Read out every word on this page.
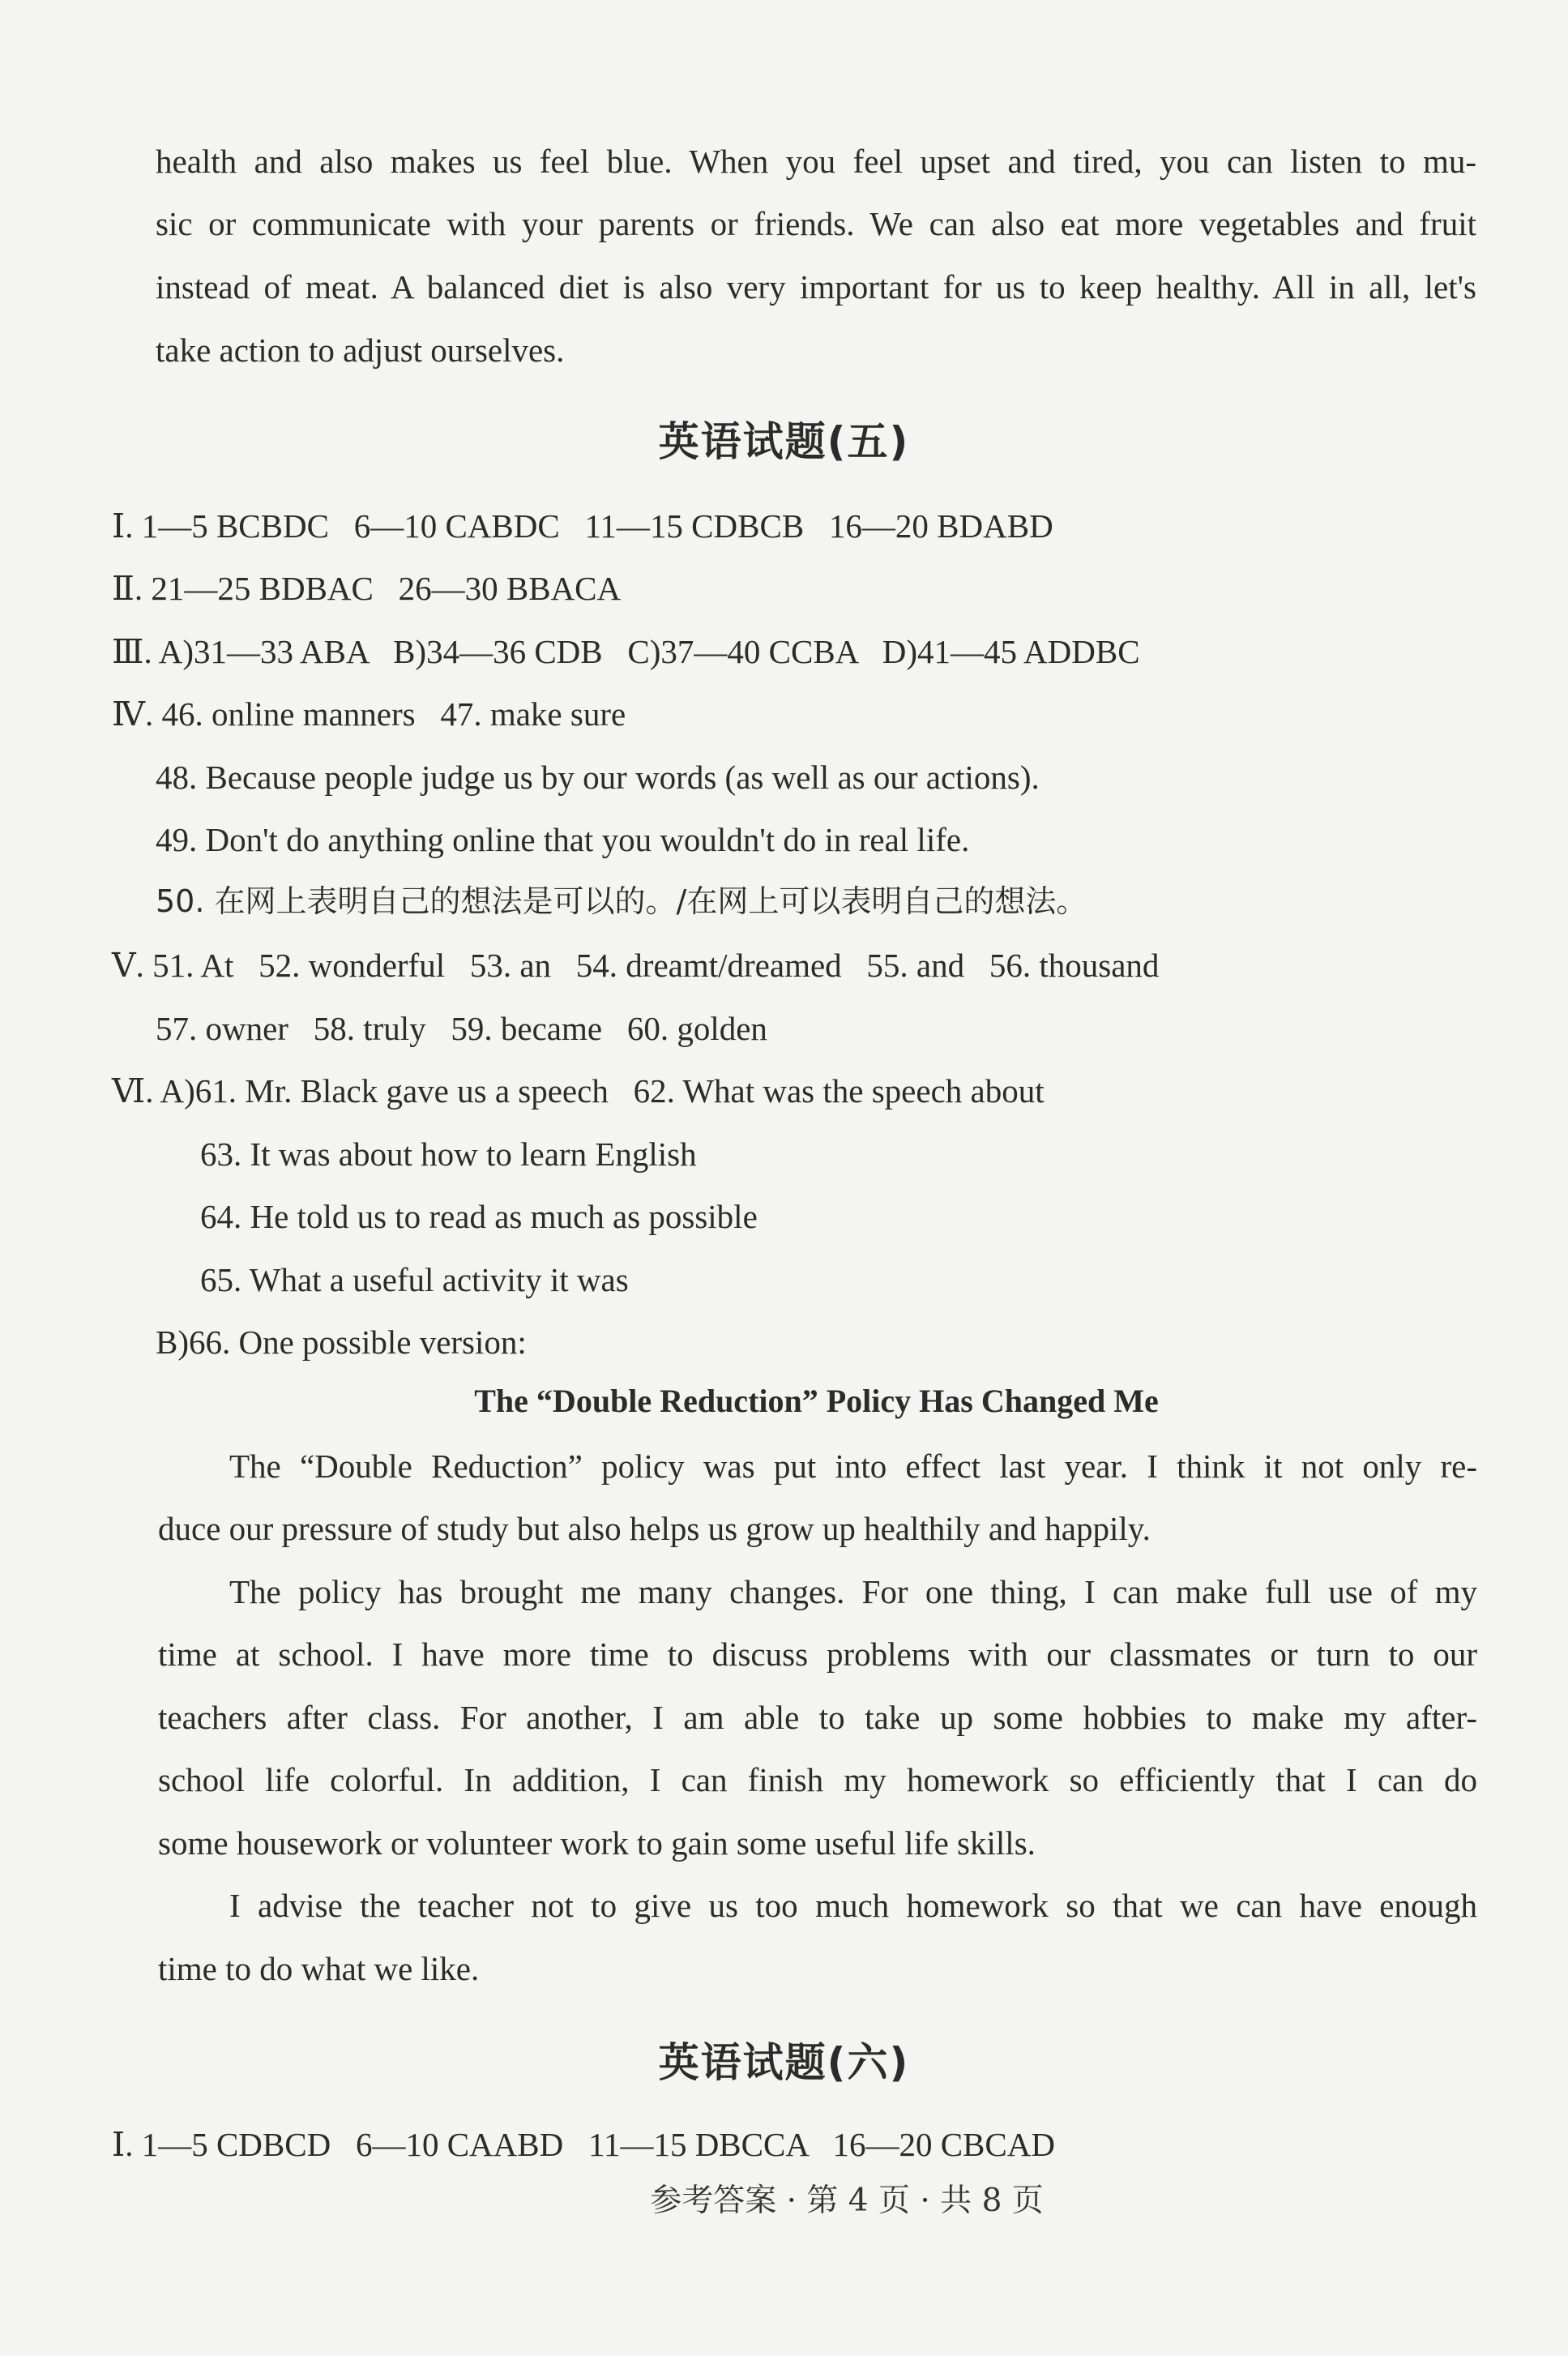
health and also makes us feel blue. When you feel upset and tired, you can listen to mu-
sic or communicate with your parents or friends. We can also eat more vegetables and fruit
instead of meat. A balanced diet is also very important for us to keep healthy. All in all, let's
take action to adjust ourselves.
英语试题(五)
Ⅰ. 1—5 BCBDC   6—10 CABDC   11—15 CDBCB   16—20 BDABD
Ⅱ. 21—25 BDBAC   26—30 BBACA
Ⅲ. A)31—33 ABA   B)34—36 CDB   C)37—40 CCBA   D)41—45 ADDBC
Ⅳ. 46. online manners   47. make sure
48. Because people judge us by our words (as well as our actions).
49. Don't do anything online that you wouldn't do in real life.
50. 在网上表明自己的想法是可以的。/在网上可以表明自己的想法。
Ⅴ. 51. At   52. wonderful   53. an   54. dreamt/dreamed   55. and   56. thousand
57. owner   58. truly   59. became   60. golden
Ⅵ. A)61. Mr. Black gave us a speech   62. What was the speech about
63. It was about how to learn English
64. He told us to read as much as possible
65. What a useful activity it was
B)66. One possible version:
The “Double Reduction” Policy Has Changed Me
The “Double Reduction” policy was put into effect last year. I think it not only re-
duce our pressure of study but also helps us grow up healthily and happily.
The policy has brought me many changes. For one thing, I can make full use of my
time at school. I have more time to discuss problems with our classmates or turn to our
teachers after class. For another, I am able to take up some hobbies to make my after-
school life colorful. In addition, I can finish my homework so efficiently that I can do
some housework or volunteer work to gain some useful life skills.
I advise the teacher not to give us too much homework so that we can have enough
time to do what we like.
英语试题(六)
Ⅰ. 1—5 CDBCD   6—10 CAABD   11—15 DBCCA   16—20 CBCAD
参考答案 · 第 4 页 · 共 8 页
